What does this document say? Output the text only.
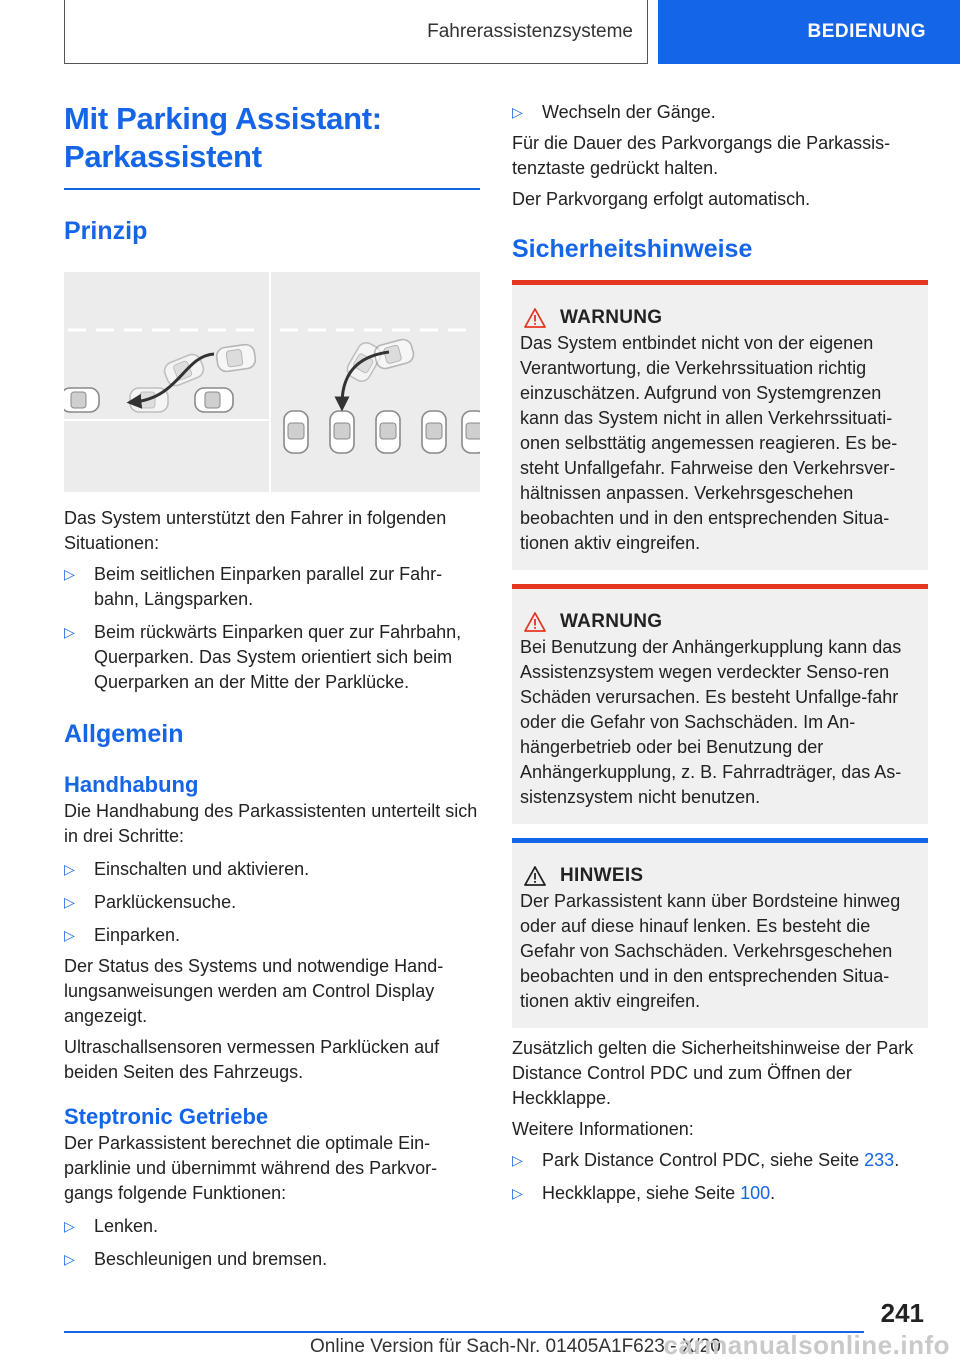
Fahrerassistenzsysteme	BEDIENUNG
Mit Parking Assistant:
Parkassistent
Prinzip

Das System unterstützt den Fahrer in folgenden Situationen:

▷ Beim seitlichen Einparken parallel zur Fahr-bahn, Längsparken.
▷ Beim rückwärts Einparken quer zur Fahrbahn, Querparken. Das System orientiert sich beim Querparken an der Mitte der Parklücke.
Allgemein
Handhabung

Die Handhabung des Parkassistenten unterteilt sich in drei Schritte:

▷ Einschalten und aktivieren.
▷ Parklückensuche.
▷ Einparken.

Der Status des Systems und notwendige Hand-lungsanweisungen werden am Control Display angezeigt.

Ultraschallsensoren vermessen Parklücken auf beiden Seiten des Fahrzeugs.

Steptronic Getriebe

Der Parkassistent berechnet die optimale Ein-parklinie und übernimmt während des Parkvor-gangs folgende Funktionen:

▷ Lenken.
▷ Beschleunigen und bremsen.
▷ Wechseln der Gänge.

Für die Dauer des Parkvorgangs die Parkassis-tenztaste gedrückt halten.

Der Parkvorgang erfolgt automatisch.

Sicherheitshinweise
WARNUNG

Das System entbindet nicht von der eigenen Verantwortung, die Verkehrssituation richtig einzuschätzen. Aufgrund von Systemgrenzen kann das System nicht in allen Verkehrssituati-onen selbsttätig angemessen reagieren. Es be-steht Unfallgefahr. Fahrweise den Verkehrsver-hältnissen anpassen. Verkehrsgeschehen beobachten und in den entsprechenden Situa-tionen aktiv eingreifen.

WARNUNG

Bei Benutzung der Anhängerkupplung kann das Assistenzsystem wegen verdeckter Senso-ren Schäden verursachen. Es besteht Unfallge-fahr oder die Gefahr von Sachschäden. Im An-hängerbetrieb oder bei Benutzung der Anhängerkupplung, z. B. Fahrradträger, das As-sistenzsystem nicht benutzen.

HINWEIS

Der Parkassistent kann über Bordsteine hinweg oder auf diese hinauf lenken. Es besteht die Gefahr von Sachschäden. Verkehrsgeschehen beobachten und in den entsprechenden Situa-tionen aktiv eingreifen.

Zusätzlich gelten die Sicherheitshinweise der Park Distance Control PDC und zum Öffnen der Heckklappe.

Weitere Informationen:

▷ Park Distance Control PDC, siehe Seite 233.
▷ Heckklappe, siehe Seite 100.
241
Online Version für Sach-Nr. 01405A1F623 - X/20
carmanualsonline.info
